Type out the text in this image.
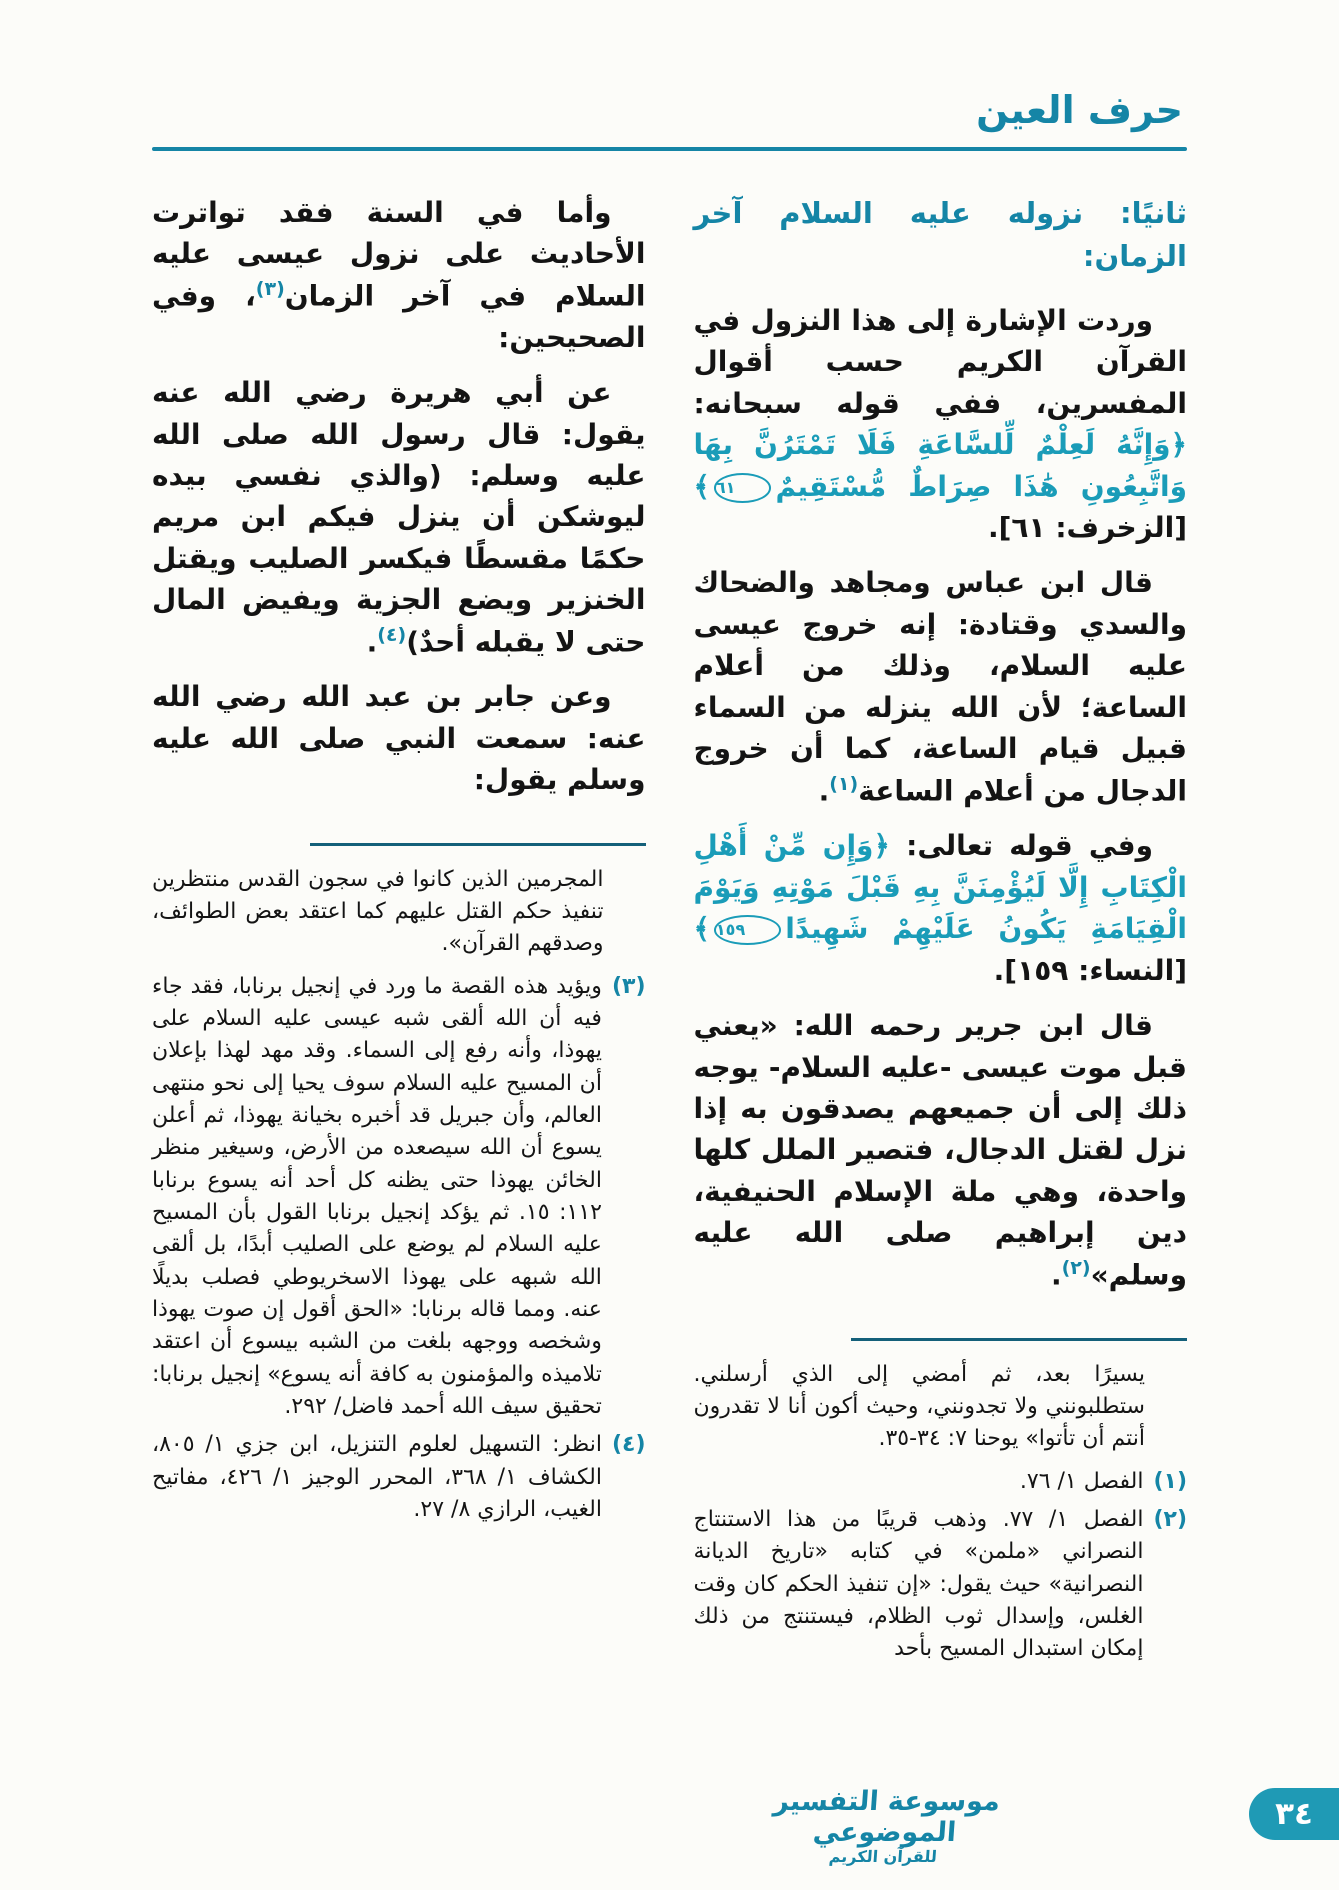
حرف العين
ثانيًا: نزوله عليه السلام آخر الزمان:

وردت الإشارة إلى هذا النزول في القرآن الكريم حسب أقوال المفسرين، ففي قوله سبحانه: ﴿وَإِنَّهُ لَعِلْمٌ لِّلسَّاعَةِ فَلَا تَمْتَرُنَّ بِهَا وَاتَّبِعُونِ هَٰذَا صِرَاطٌ مُّسْتَقِيمٌ٦١﴾ [الزخرف: ٦١].

قال ابن عباس ومجاهد والضحاك والسدي وقتادة: إنه خروج عيسى عليه السلام، وذلك من أعلام الساعة؛ لأن الله ينزله من السماء قبيل قيام الساعة، كما أن خروج الدجال من أعلام الساعة$^{(١)}$.

وفي قوله تعالى: ﴿وَإِن مِّنْ أَهْلِ الْكِتَابِ إِلَّا لَيُؤْمِنَنَّ بِهِ قَبْلَ مَوْتِهِ وَيَوْمَ الْقِيَامَةِ يَكُونُ عَلَيْهِمْ شَهِيدًا١٥٩﴾ [النساء: ١٥٩].

قال ابن جرير رحمه الله: «يعني قبل موت عيسى -عليه السلام- يوجه ذلك إلى أن جميعهم يصدقون به إذا نزل لقتل الدجال، فتصير الملل كلها واحدة، وهي ملة الإسلام الحنيفية، دين إبراهيم صلى الله عليه وسلم»$^{(٢)}$.

يسيرًا بعد، ثم أمضي إلى الذي أرسلني. ستطلبونني ولا تجدونني، وحيث أكون أنا لا تقدرون أنتم أن تأتوا» يوحنا ٧: ٣٤-٣٥.

(١)
الفصل ١/ ٧٦.
(٢)
الفصل ١/ ٧٧. وذهب قريبًا من هذا الاستنتاج النصراني «ملمن» في كتابه «تاريخ الديانة النصرانية» حيث يقول: «إن تنفيذ الحكم كان وقت الغلس، وإسدال ثوب الظلام، فيستنتج من ذلك إمكان استبدال المسيح بأحد

وأما في السنة فقد تواترت الأحاديث على نزول عيسى عليه السلام في آخر الزمان$^{(٣)}$، وفي الصحيحين:

عن أبي هريرة رضي الله عنه يقول: قال رسول الله صلى الله عليه وسلم: (والذي نفسي بيده ليوشكن أن ينزل فيكم ابن مريم حكمًا مقسطًا فيكسر الصليب ويقتل الخنزير ويضع الجزية ويفيض المال حتى لا يقبله أحدٌ)$^{(٤)}$.

وعن جابر بن عبد الله رضي الله عنه: سمعت النبي صلى الله عليه وسلم يقول:

المجرمين الذين كانوا في سجون القدس منتظرين تنفيذ حكم القتل عليهم كما اعتقد بعض الطوائف، وصدقهم القرآن».

(٣)
ويؤيد هذه القصة ما ورد في إنجيل برنابا، فقد جاء فيه أن الله ألقى شبه عيسى عليه السلام على يهوذا، وأنه رفع إلى السماء. وقد مهد لهذا بإعلان أن المسيح عليه السلام سوف يحيا إلى نحو منتهى العالم، وأن جبريل قد أخبره بخيانة يهوذا، ثم أعلن يسوع أن الله سيصعده من الأرض، وسيغير منظر الخائن يهوذا حتى يظنه كل أحد أنه يسوع برنابا ١١٢: ١٥. ثم يؤكد إنجيل برنابا القول بأن المسيح عليه السلام لم يوضع على الصليب أبدًا، بل ألقى الله شبهه على يهوذا الاسخريوطي فصلب بديلًا عنه. ومما قاله برنابا: «الحق أقول إن صوت يهوذا وشخصه ووجهه بلغت من الشبه بيسوع أن اعتقد تلاميذه والمؤمنون به كافة أنه يسوع» إنجيل برنابا: تحقيق سيف الله أحمد فاضل/ ٢٩٢.
(٤)
انظر: التسهيل لعلوم التنزيل، ابن جزي ١/ ٨٠٥، الكشاف ١/ ٣٦٨، المحرر الوجيز ١/ ٤٢٦، مفاتيح الغيب، الرازي ٨/ ٢٧.
موسوعة التفسير الموضوعي
للقرآن الكريم
٣٤
